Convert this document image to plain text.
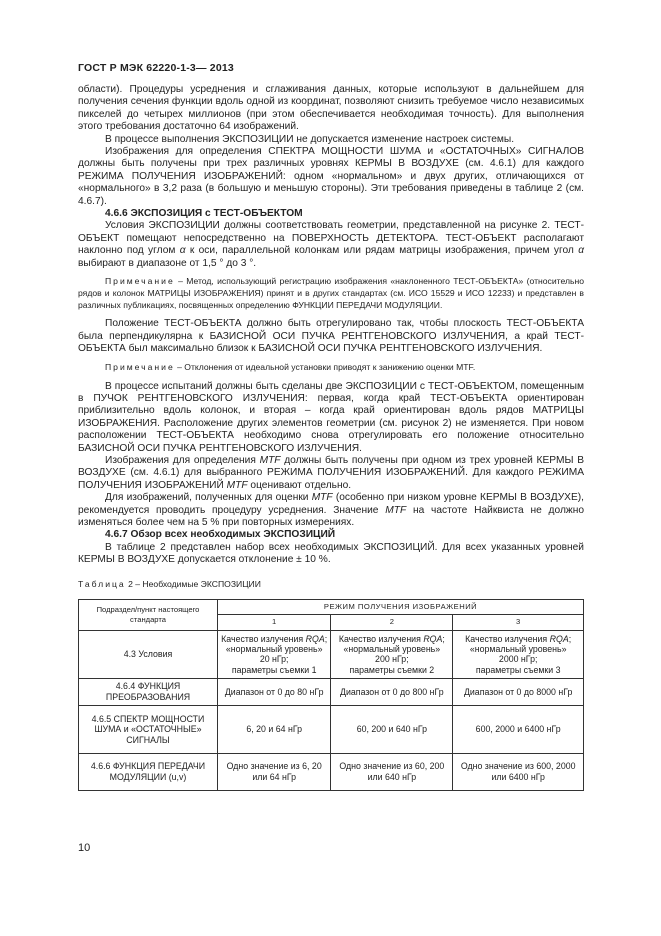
ГОСТ Р МЭК 62220-1-3— 2013

области). Процедуры усреднения и сглаживания данных, которые используют в дальнейшем для получения сечения функции вдоль одной из координат, позволяют снизить требуемое число независимых пикселей до четырех миллионов (при этом обеспечивается необходимая точность). Для выполнения этого требования достаточно 64 изображений.

В процессе выполнения ЭКСПОЗИЦИИ не допускается изменение настроек системы.

Изображения для определения СПЕКТРА МОЩНОСТИ ШУМА и «ОСТАТОЧНЫХ» СИГНАЛОВ должны быть получены при трех различных уровнях КЕРМЫ В ВОЗДУХЕ (см. 4.6.1) для каждого РЕЖИМА ПОЛУЧЕНИЯ ИЗОБРАЖЕНИЙ: одном «нормальном» и двух других, отличающихся от «нормального» в 3,2 раза (в большую и меньшую стороны). Эти требования приведены в таблице 2 (см. 4.6.7).

4.6.6 ЭКСПОЗИЦИЯ с ТЕСТ-ОБЪЕКТОМ

Условия ЭКСПОЗИЦИИ должны соответствовать геометрии, представленной на рисунке 2. ТЕСТ-ОБЪЕКТ помещают непосредственно на ПОВЕРХНОСТЬ ДЕТЕКТОРА. ТЕСТ-ОБЪЕКТ располагают наклонно под углом α к оси, параллельной колонкам или рядам матрицы изображения, причем угол α выбирают в диапазоне от 1,5 ° до 3 °.

Примечание – Метод, использующий регистрацию изображения «наклоненного ТЕСТ-ОБЪЕКТА» (относительно рядов и колонок МАТРИЦЫ ИЗОБРАЖЕНИЯ) принят и в других стандартах (см. ИСО 15529 и ИСО 12233) и представлен в различных публикациях, посвященных определению ФУНКЦИИ ПЕРЕДАЧИ МОДУЛЯЦИИ.

Положение ТЕСТ-ОБЪЕКТА должно быть отрегулировано так, чтобы плоскость ТЕСТ-ОБЪЕКТА была перпендикулярна к БАЗИСНОЙ ОСИ ПУЧКА РЕНТГЕНОВСКОГО ИЗЛУЧЕНИЯ, а край ТЕСТ-ОБЪЕКТА был максимально близок к БАЗИСНОЙ ОСИ ПУЧКА РЕНТГЕНОВСКОГО ИЗЛУЧЕНИЯ.

Примечание – Отклонения от идеальной установки приводят к занижению оценки MTF.

В процессе испытаний должны быть сделаны две ЭКСПОЗИЦИИ с ТЕСТ-ОБЪЕКТОМ, помещенным в ПУЧОК РЕНТГЕНОВСКОГО ИЗЛУЧЕНИЯ: первая, когда край ТЕСТ-ОБЪЕКТА ориентирован приблизительно вдоль колонок, и вторая – когда край ориентирован вдоль рядов МАТРИЦЫ ИЗОБРАЖЕНИЯ. Расположение других элементов геометрии (см. рисунок 2) не изменяется. При новом расположении ТЕСТ-ОБЪЕКТА необходимо снова отрегулировать его положение относительно БАЗИСНОЙ ОСИ ПУЧКА РЕНТГЕНОВСКОГО ИЗЛУЧЕНИЯ.

Изображения для определения MTF должны быть получены при одном из трех уровней КЕРМЫ В ВОЗДУХЕ (см. 4.6.1) для выбранного РЕЖИМА ПОЛУЧЕНИЯ ИЗОБРАЖЕНИЙ. Для каждого РЕЖИМА ПОЛУЧЕНИЯ ИЗОБРАЖЕНИЙ MTF оценивают отдельно.

Для изображений, полученных для оценки MTF (особенно при низком уровне КЕРМЫ В ВОЗДУХЕ), рекомендуется проводить процедуру усреднения. Значение MTF на частоте Найквиста не должно изменяться более чем на 5 % при повторных измерениях.

4.6.7 Обзор всех необходимых ЭКСПОЗИЦИЙ

В таблице 2 представлен набор всех необходимых ЭКСПОЗИЦИЙ. Для всех указанных уровней КЕРМЫ В ВОЗДУХЕ допускается отклонение ± 10 %.

Таблица 2 – Необходимые ЭКСПОЗИЦИИ

Подраздел/пункт настоящего стандарта	РЕЖИМ ПОЛУЧЕНИЯ ИЗОБРАЖЕНИЙ		
	1	2	3
4.3 Условия	Качество излучения RQA;
«нормальный уровень»
20 нГр;
параметры съемки 1	Качество излучения RQA;
«нормальный уровень»
200 нГр;
параметры съемки 2	Качество излучения RQA;
«нормальный уровень»
2000 нГр;
параметры съемки 3
4.6.4 ФУНКЦИЯ ПРЕОБРАЗОВАНИЯ	Диапазон от 0 до 80 нГр	Диапазон от 0 до 800 нГр	Диапазон от 0 до 8000 нГр
4.6.5 СПЕКТР МОЩНОСТИ ШУМА и «ОСТАТОЧНЫЕ» СИГНАЛЫ	6, 20 и 64 нГр	60, 200 и 640 нГр	600, 2000 и 6400 нГр
4.6.6 ФУНКЦИЯ ПЕРЕДАЧИ МОДУЛЯЦИИ (u,v)	Одно значение из 6, 20 или 64 нГр	Одно значение из 60, 200 или 640 нГр	Одно значение из 600, 2000 или 6400 нГр
10
